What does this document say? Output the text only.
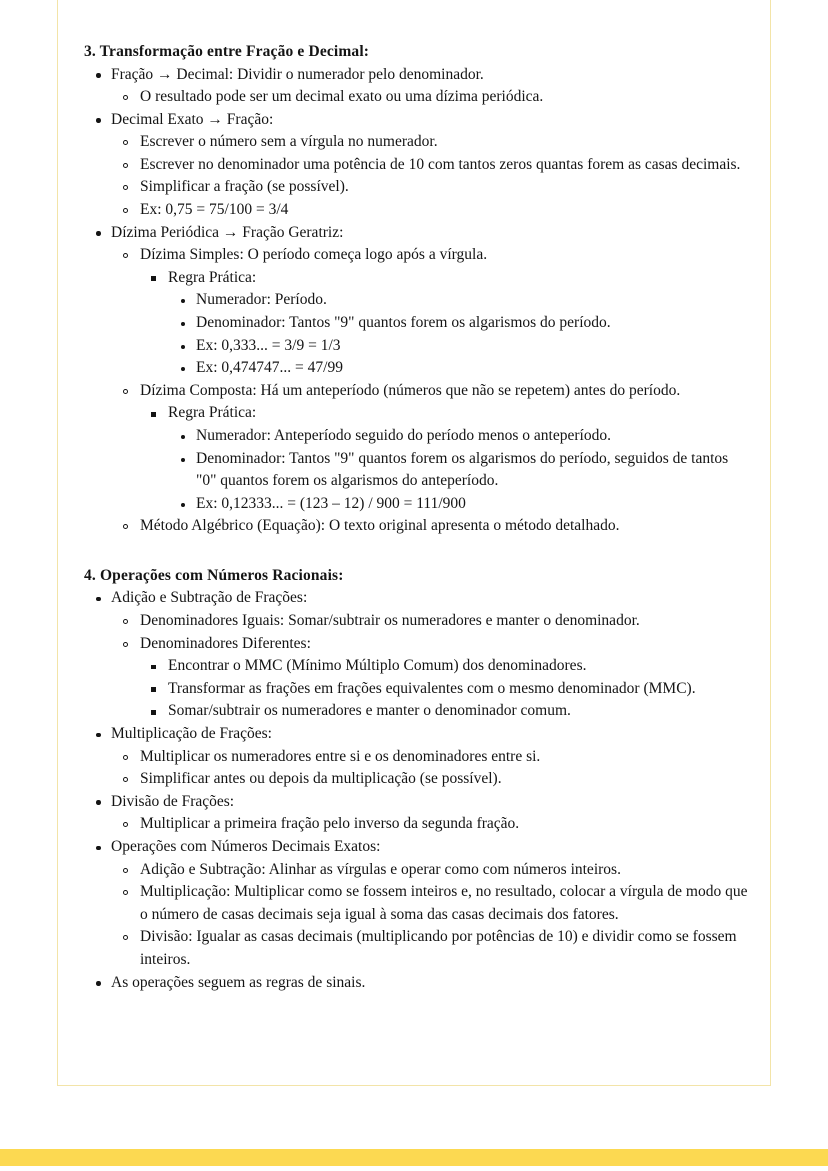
3. Transformação entre Fração e Decimal:
Fração → Decimal: Dividir o numerador pelo denominador.
O resultado pode ser um decimal exato ou uma dízima periódica.
Decimal Exato → Fração:
Escrever o número sem a vírgula no numerador.
Escrever no denominador uma potência de 10 com tantos zeros quantas forem as casas decimais.
Simplificar a fração (se possível).
Ex: 0,75 = 75/100 = 3/4
Dízima Periódica → Fração Geratriz:
Dízima Simples: O período começa logo após a vírgula.
Regra Prática:
Numerador: Período.
Denominador: Tantos "9" quantos forem os algarismos do período.
Ex: 0,333... = 3/9 = 1/3
Ex: 0,474747... = 47/99
Dízima Composta: Há um anteperíodo (números que não se repetem) antes do período.
Regra Prática:
Numerador: Anteperíodo seguido do período menos o anteperíodo.
Denominador: Tantos "9" quantos forem os algarismos do período, seguidos de tantos "0" quantos forem os algarismos do anteperíodo.
Ex: 0,12333... = (123 – 12) / 900 = 111/900
Método Algébrico (Equação): O texto original apresenta o método detalhado.
4. Operações com Números Racionais:
Adição e Subtração de Frações:
Denominadores Iguais: Somar/subtrair os numeradores e manter o denominador.
Denominadores Diferentes:
Encontrar o MMC (Mínimo Múltiplo Comum) dos denominadores.
Transformar as frações em frações equivalentes com o mesmo denominador (MMC).
Somar/subtrair os numeradores e manter o denominador comum.
Multiplicação de Frações:
Multiplicar os numeradores entre si e os denominadores entre si.
Simplificar antes ou depois da multiplicação (se possível).
Divisão de Frações:
Multiplicar a primeira fração pelo inverso da segunda fração.
Operações com Números Decimais Exatos:
Adição e Subtração: Alinhar as vírgulas e operar como com números inteiros.
Multiplicação: Multiplicar como se fossem inteiros e, no resultado, colocar a vírgula de modo que o número de casas decimais seja igual à soma das casas decimais dos fatores.
Divisão: Igualar as casas decimais (multiplicando por potências de 10) e dividir como se fossem inteiros.
As operações seguem as regras de sinais.
